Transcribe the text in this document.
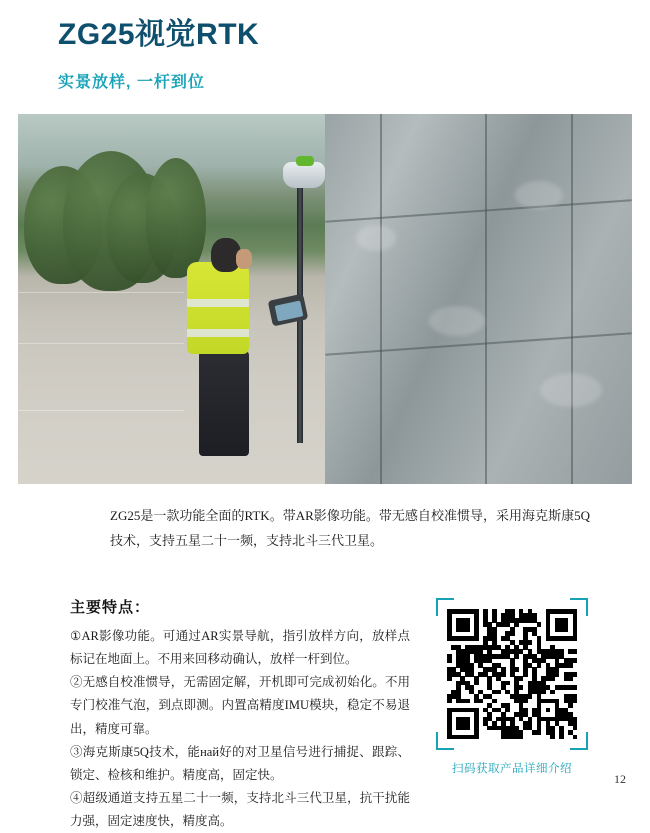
ZG25视觉RTK
实景放样, 一杆到位

ZG25是一款功能全面的RTK。带AR影像功能。带无感自校准惯导，采用海克斯康5Q技术，支持五星二十一频，支持北斗三代卫星。

主要特点：

①AR影像功能。可通过AR实景导航，指引放样方向，放样点标记在地面上。不用来回移动确认，放样一杆到位。

②无感自校准惯导，无需固定解，开机即可完成初始化。不用专门校准气泡，到点即测。内置高精度IMU模块，稳定不易退出，精度可靠。

③海克斯康5Q技术，能най好的对卫星信号进行捕捉、跟踪、锁定、检核和维护。精度高，固定快。

④超级通道支持五星二十一频，支持北斗三代卫星，抗干扰能力强，固定速度快，精度高。

扫码获取产品详细介绍
12
